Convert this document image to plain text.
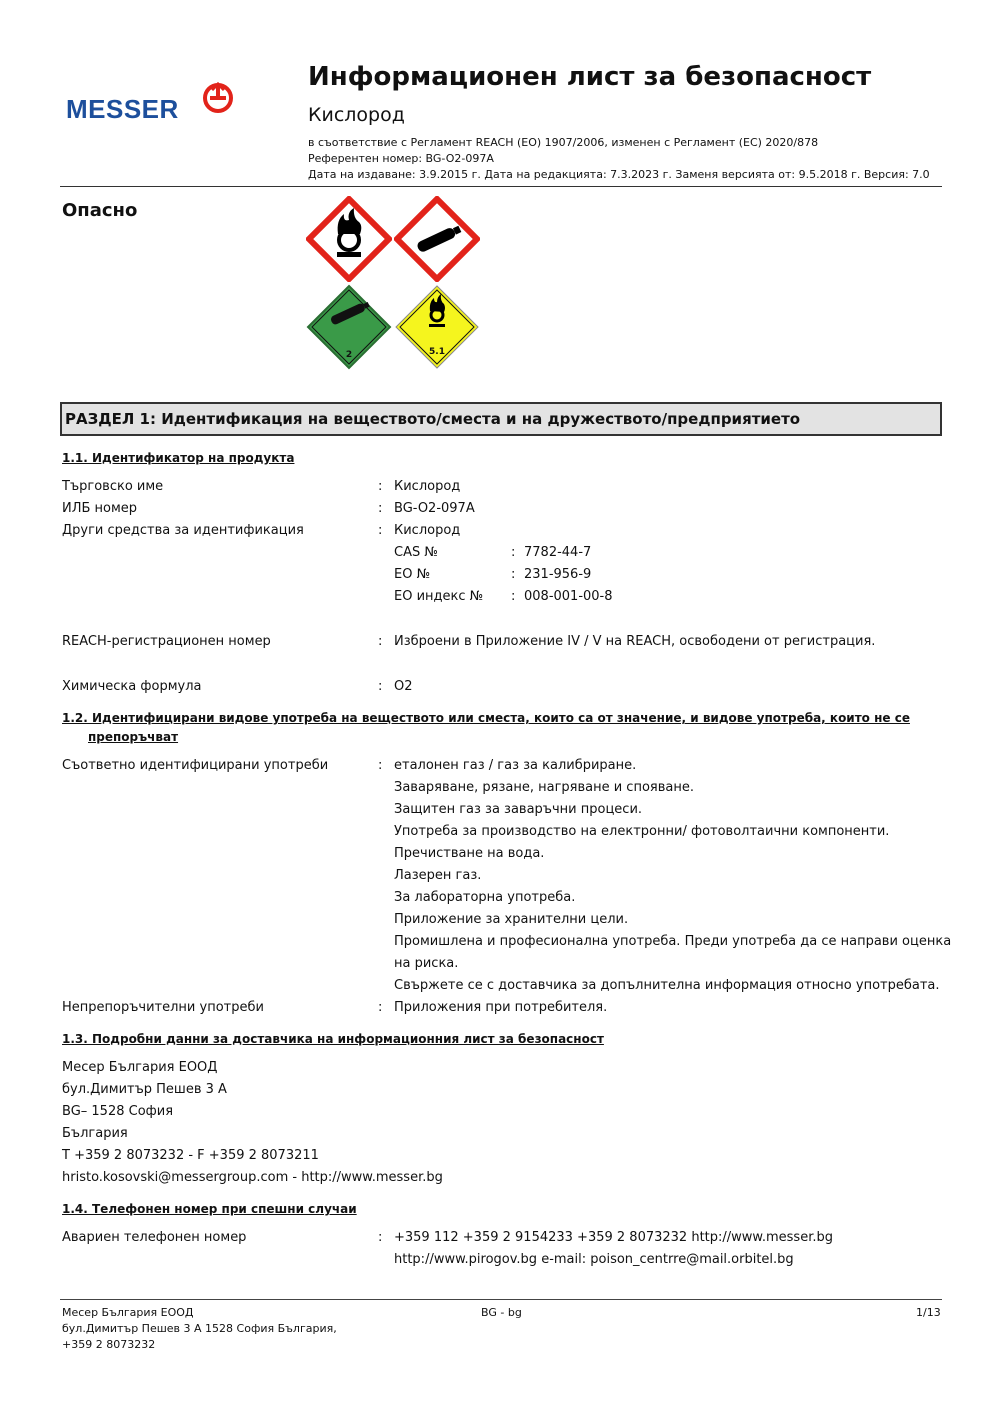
MESSER
Информационен лист за безопасност
Кислород
в съответствие с Регламент REACH (ЕО) 1907/2006, изменен с Регламент (ЕС) 2020/878
Референтен номер: BG-O2-097A
Дата на издаване: 3.9.2015 г. Дата на редакцията: 7.3.2023 г. Заменя версията от: 9.5.2018 г. Версия: 7.0
Опасно
2	5.1
РАЗДЕЛ 1: Идентификация на веществото/сместа и на дружеството/предприятието
1.1. Идентификатор на продукта
Търговско име	: Кислород
ИЛБ номер	: BG-O2-097A
Други средства за идентификация	: Кислород
CAS №	: 7782-44-7
ЕО №	: 231-956-9
ЕО индекс № : 008-001-00-8
REACH-регистрационен номер	: Изброени в Приложение IV / V на REACH, освободени от регистрация.
Химическа формула	: O2
1.2. Идентифицирани видове употреба на веществото или сместа, които са от значение, и видове употреба, които не се
препоръчват
Съответно идентифицирани употреби	: еталонен газ / газ за калибриране.
Заваряване, рязане, нагряване и спояване.
Защитен газ за заваръчни процеси.
Употреба за производство на електронни/ фотоволтаични компоненти.
Пречистване на вода.
Лазерен газ.
За лабораторна употреба.
Приложение за хранителни цели.
Промишлена и професионална употреба. Преди употреба да се направи оценка
на риска.
Свържете се с доставчика за допълнителна информация относно употребата.
Непрепоръчителни употреби	: Приложения при потребителя.
1.3. Подробни данни за доставчика на информационния лист за безопасност
Месер България ЕООД
бул.Димитър Пешев 3 А
BG– 1528 София
България
T +359 2 8073232 - F +359 2 8073211
hristo.kosovski@messergroup.com - http://www.messer.bg
1.4. Телефонен номер при спешни случаи
Авариен телефонен номер	: +359 112 +359 2 9154233 +359 2 8073232 http://www.messer.bg
http://www.pirogov.bg e-mail: poison_centrre@mail.orbitel.bg
Месер България ЕООД
бул.Димитър Пешев 3 А 1528 София България,
+359 2 8073232
BG - bg	1/13
